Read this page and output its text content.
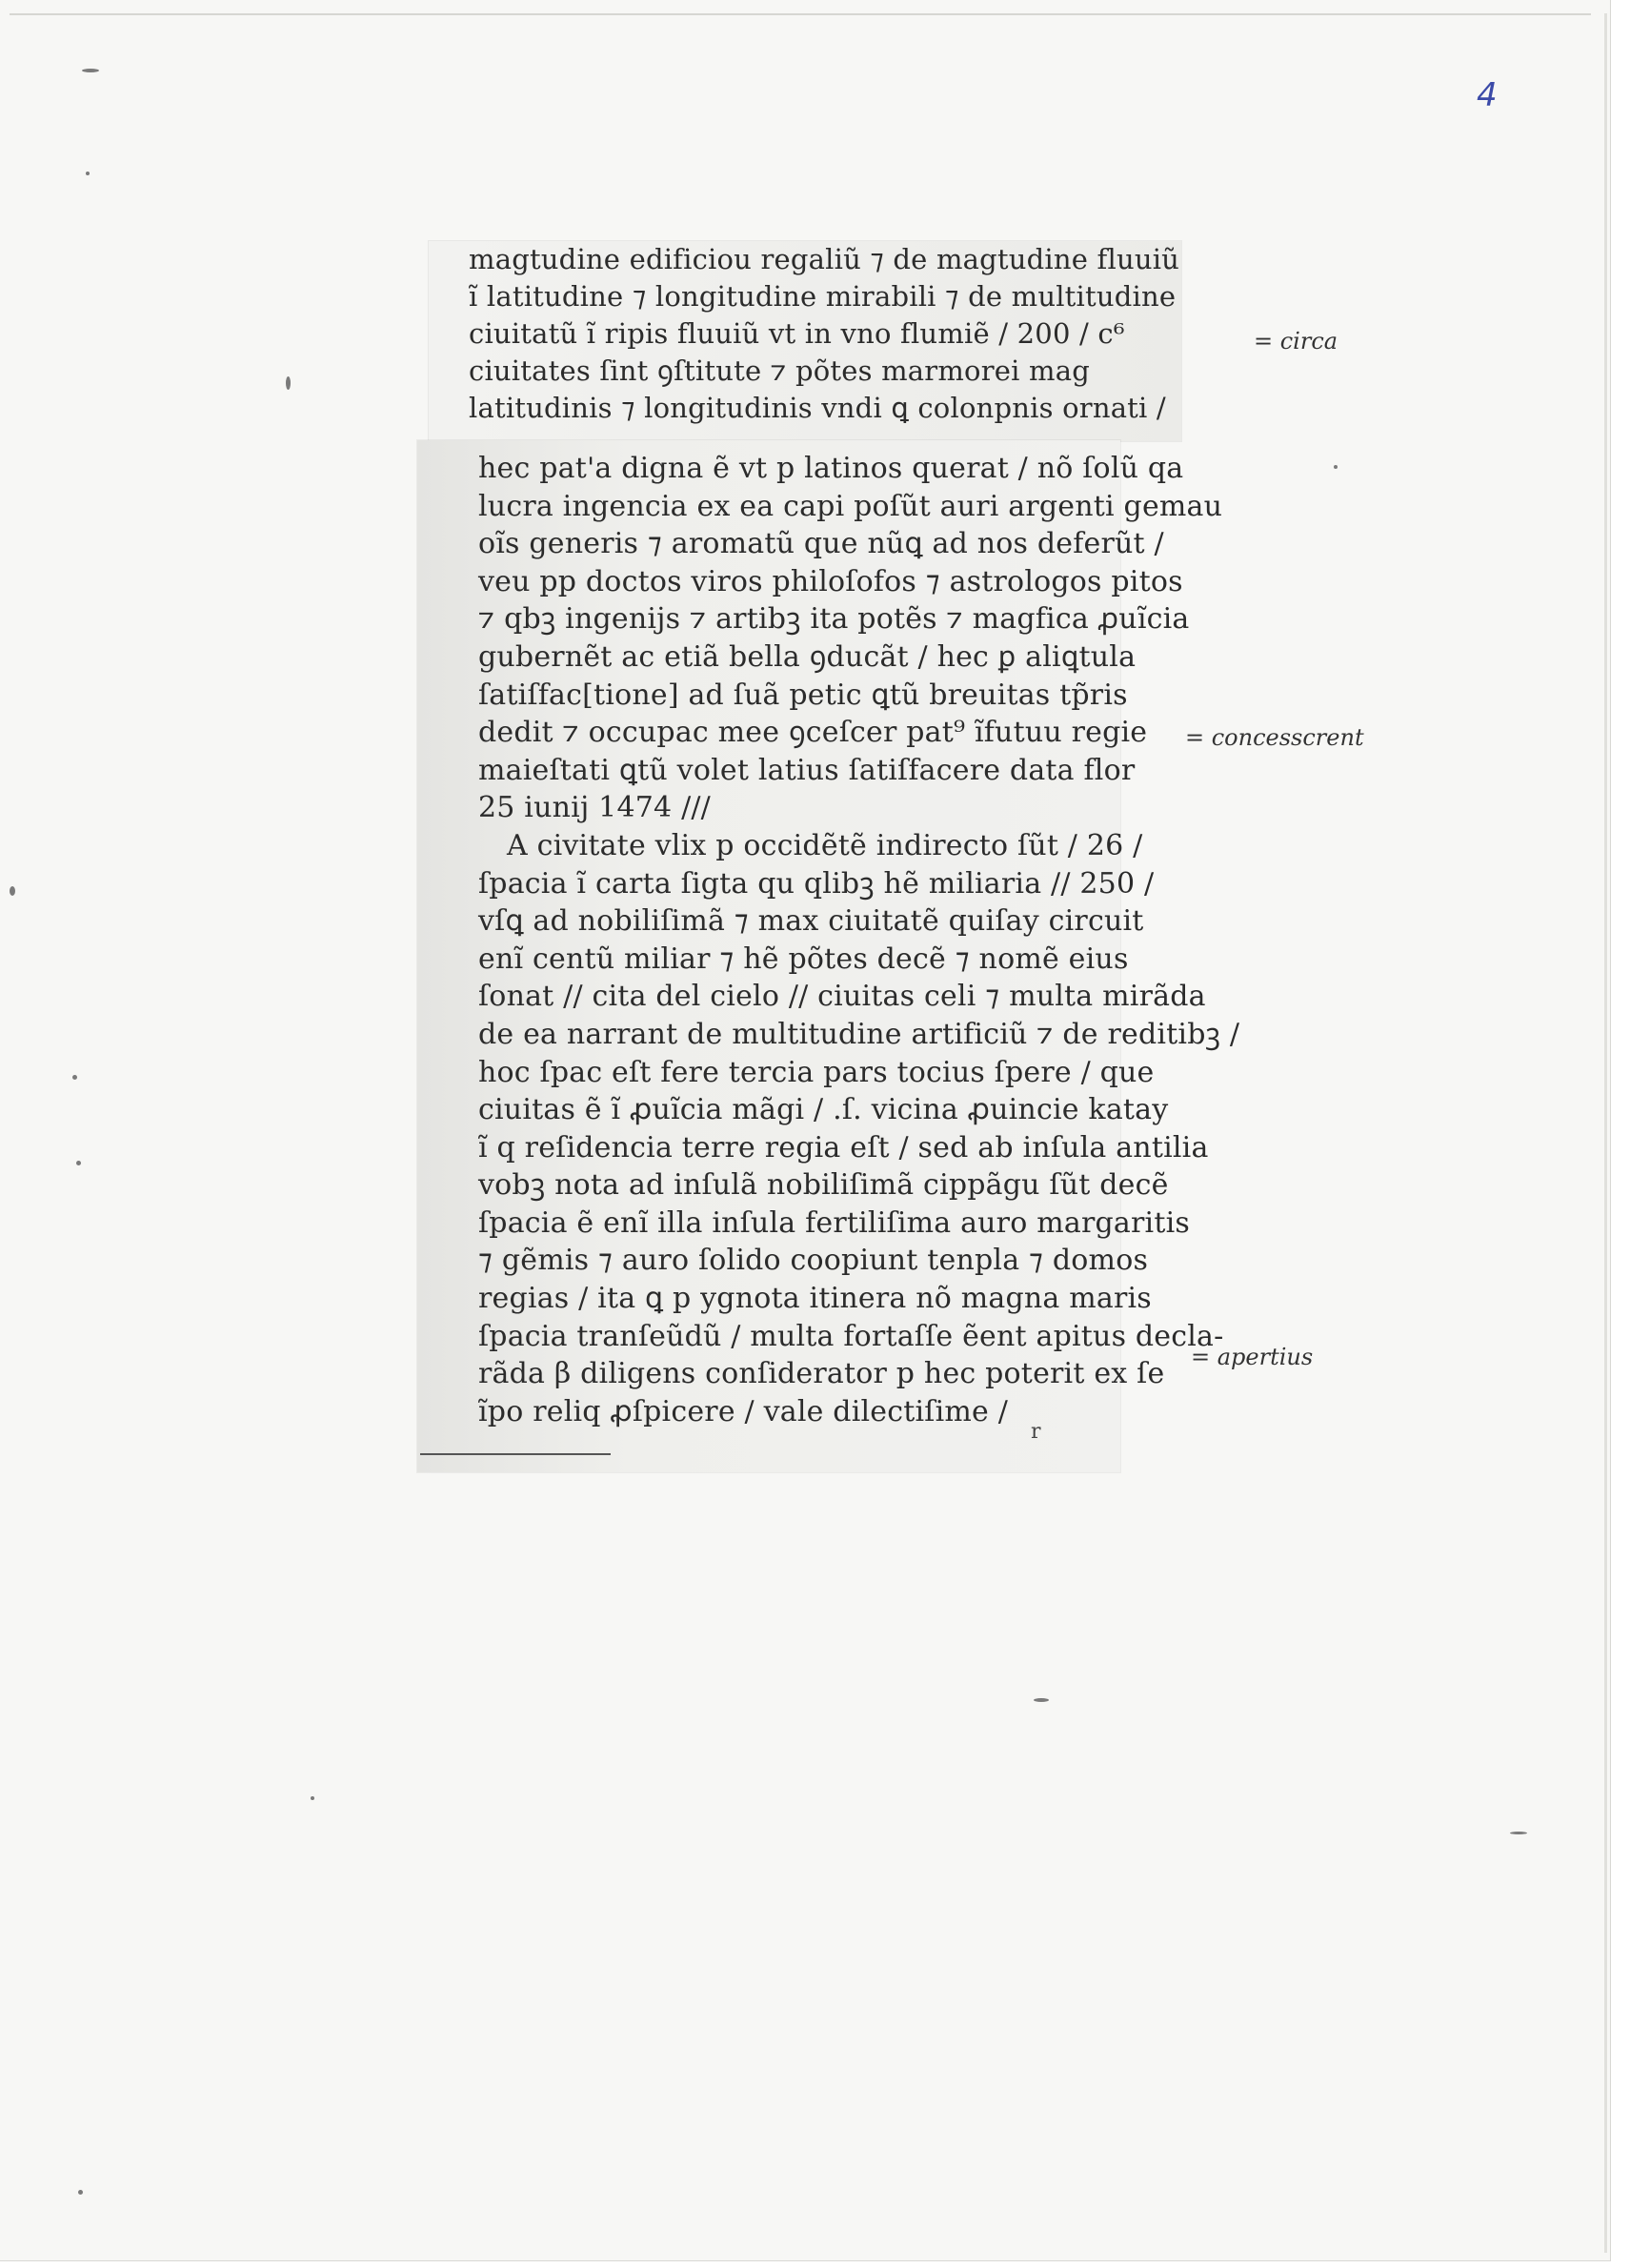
4
magtudine edificiou regaliũ ⁊ de magtudine fluuiũ
ĩ latitudine ⁊ longitudine mirabili ⁊ de multitudine
ciuitatũ ĩ ripis fluuiũ vt in vno flumiẽ / 200 / c⁶
ciuitates ſint ꝯſtitute ⁊ põtes marmorei mag
latitudinis ⁊ longitudinis vndi ꝗ colonpnis ornati /
hec pat'a digna ẽ vt p latinos querat / nõ ſolũ qa
lucra ingencia ex ea capi poſũt auri argenti gemau
oĩs generis ⁊ aromatũ que nũꝗ ad nos deferũt /
veu pp doctos viros philoſofos ⁊ astrologos pitos
⁊ qbꝫ ingenijs ⁊ artibꝫ ita potẽs ⁊ magfica ꝓuĩcia
gubernẽt ac etiã bella ꝯducãt / hec ꝑ aliꝗtula
ſatiſfac[tione] ad ſuã petic ꝗtũ breuitas tp̃ris
dedit ⁊ occupac mee ꝯceſcer pat⁹ ĩfutuu regie
maieſtati ꝗtũ volet latius ſatiſfacere data flor
25 iunij 1474 ///
A civitate vlix p occidẽtẽ indirecto ſũt / 26 /
ſpacia ĩ carta ſigta qu qlibꝫ hẽ miliaria // 250 /
vſꝗ ad nobiliſimã ⁊ max ciuitatẽ quiſay circuit
enĩ centũ miliar ⁊ hẽ põtes decẽ ⁊ nomẽ eius
ſonat // cita del cielo // ciuitas celi ⁊ multa mirãda
de ea narrant de multitudine artificiũ ⁊ de reditibꝫ /
hoc ſpac eſt fere tercia pars tocius ſpere / que
ciuitas ẽ ĩ ꝓuĩcia mãgi / .ſ. vicina ꝓuincie katay
ĩ q reſidencia terre regia eſt / sed ab inſula antilia
vobꝫ nota ad inſulã nobiliſimã cippãgu ſũt decẽ
ſpacia ẽ enĩ illa inſula fertiliſima auro margaritis
⁊ gẽmis ⁊ auro ſolido coopiunt tenpla ⁊ domos
regias / ita ꝗ p ygnota itinera nõ magna maris
ſpacia tranſeũdũ / multa fortaſſe ẽent apitus declа-
rãda β diligens conſiderator p hec poterit ex ſe
ĩpo reliq ꝓſpicere / vale dilectiſime /
r
= circa
= concesscrent
= apertius
